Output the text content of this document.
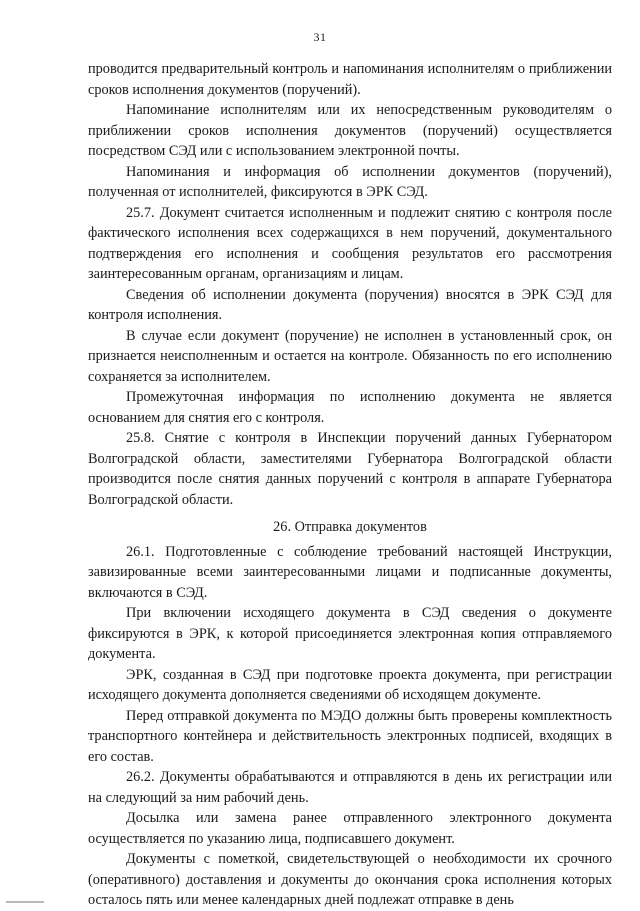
31

проводится предварительный контроль и напоминания исполнителям о приближении сроков исполнения документов (поручений).

Напоминание исполнителям или их непосредственным руководителям о приближении сроков исполнения документов (поручений) осуществляется посредством СЭД или с использованием электронной почты.

Напоминания и информация об исполнении документов (поручений), полученная от исполнителей, фиксируются в ЭРК СЭД.

25.7. Документ считается исполненным и подлежит снятию с контроля после фактического исполнения всех содержащихся в нем поручений, документального подтверждения его исполнения и сообщения результатов его рассмотрения заинтересованным органам, организациям и лицам.

Сведения об исполнении документа (поручения) вносятся в ЭРК СЭД для контроля исполнения.

В случае если документ (поручение) не исполнен в установленный срок, он признается неисполненным и остается на контроле. Обязанность по его исполнению сохраняется за исполнителем.

Промежуточная информация по исполнению документа не является основанием для снятия его с контроля.

25.8. Снятие с контроля в Инспекции поручений данных Губернатором Волгоградской области, заместителями Губернатора Волгоградской области производится после снятия данных поручений с контроля в аппарате Губернатора Волгоградской области.

26. Отправка документов

26.1. Подготовленные с соблюдение требований настоящей Инструкции, завизированные всеми заинтересованными лицами и подписанные документы, включаются в СЭД.

При включении исходящего документа в СЭД сведения о документе фиксируются в ЭРК, к которой присоединяется электронная копия отправляемого документа.

ЭРК, созданная в СЭД при подготовке проекта документа, при регистрации исходящего документа дополняется сведениями об исходящем документе.

Перед отправкой документа по МЭДО должны быть проверены комплектность транспортного контейнера и действительность электронных подписей, входящих в его состав.

26.2. Документы обрабатываются и отправляются в день их регистрации или на следующий за ним рабочий день.

Досылка или замена ранее отправленного электронного документа осуществляется по указанию лица, подписавшего документ.

Документы с пометкой, свидетельствующей о необходимости их срочного (оперативного) доставления и документы до окончания срока исполнения которых осталось пять или менее календарных дней подлежат отправке в день
